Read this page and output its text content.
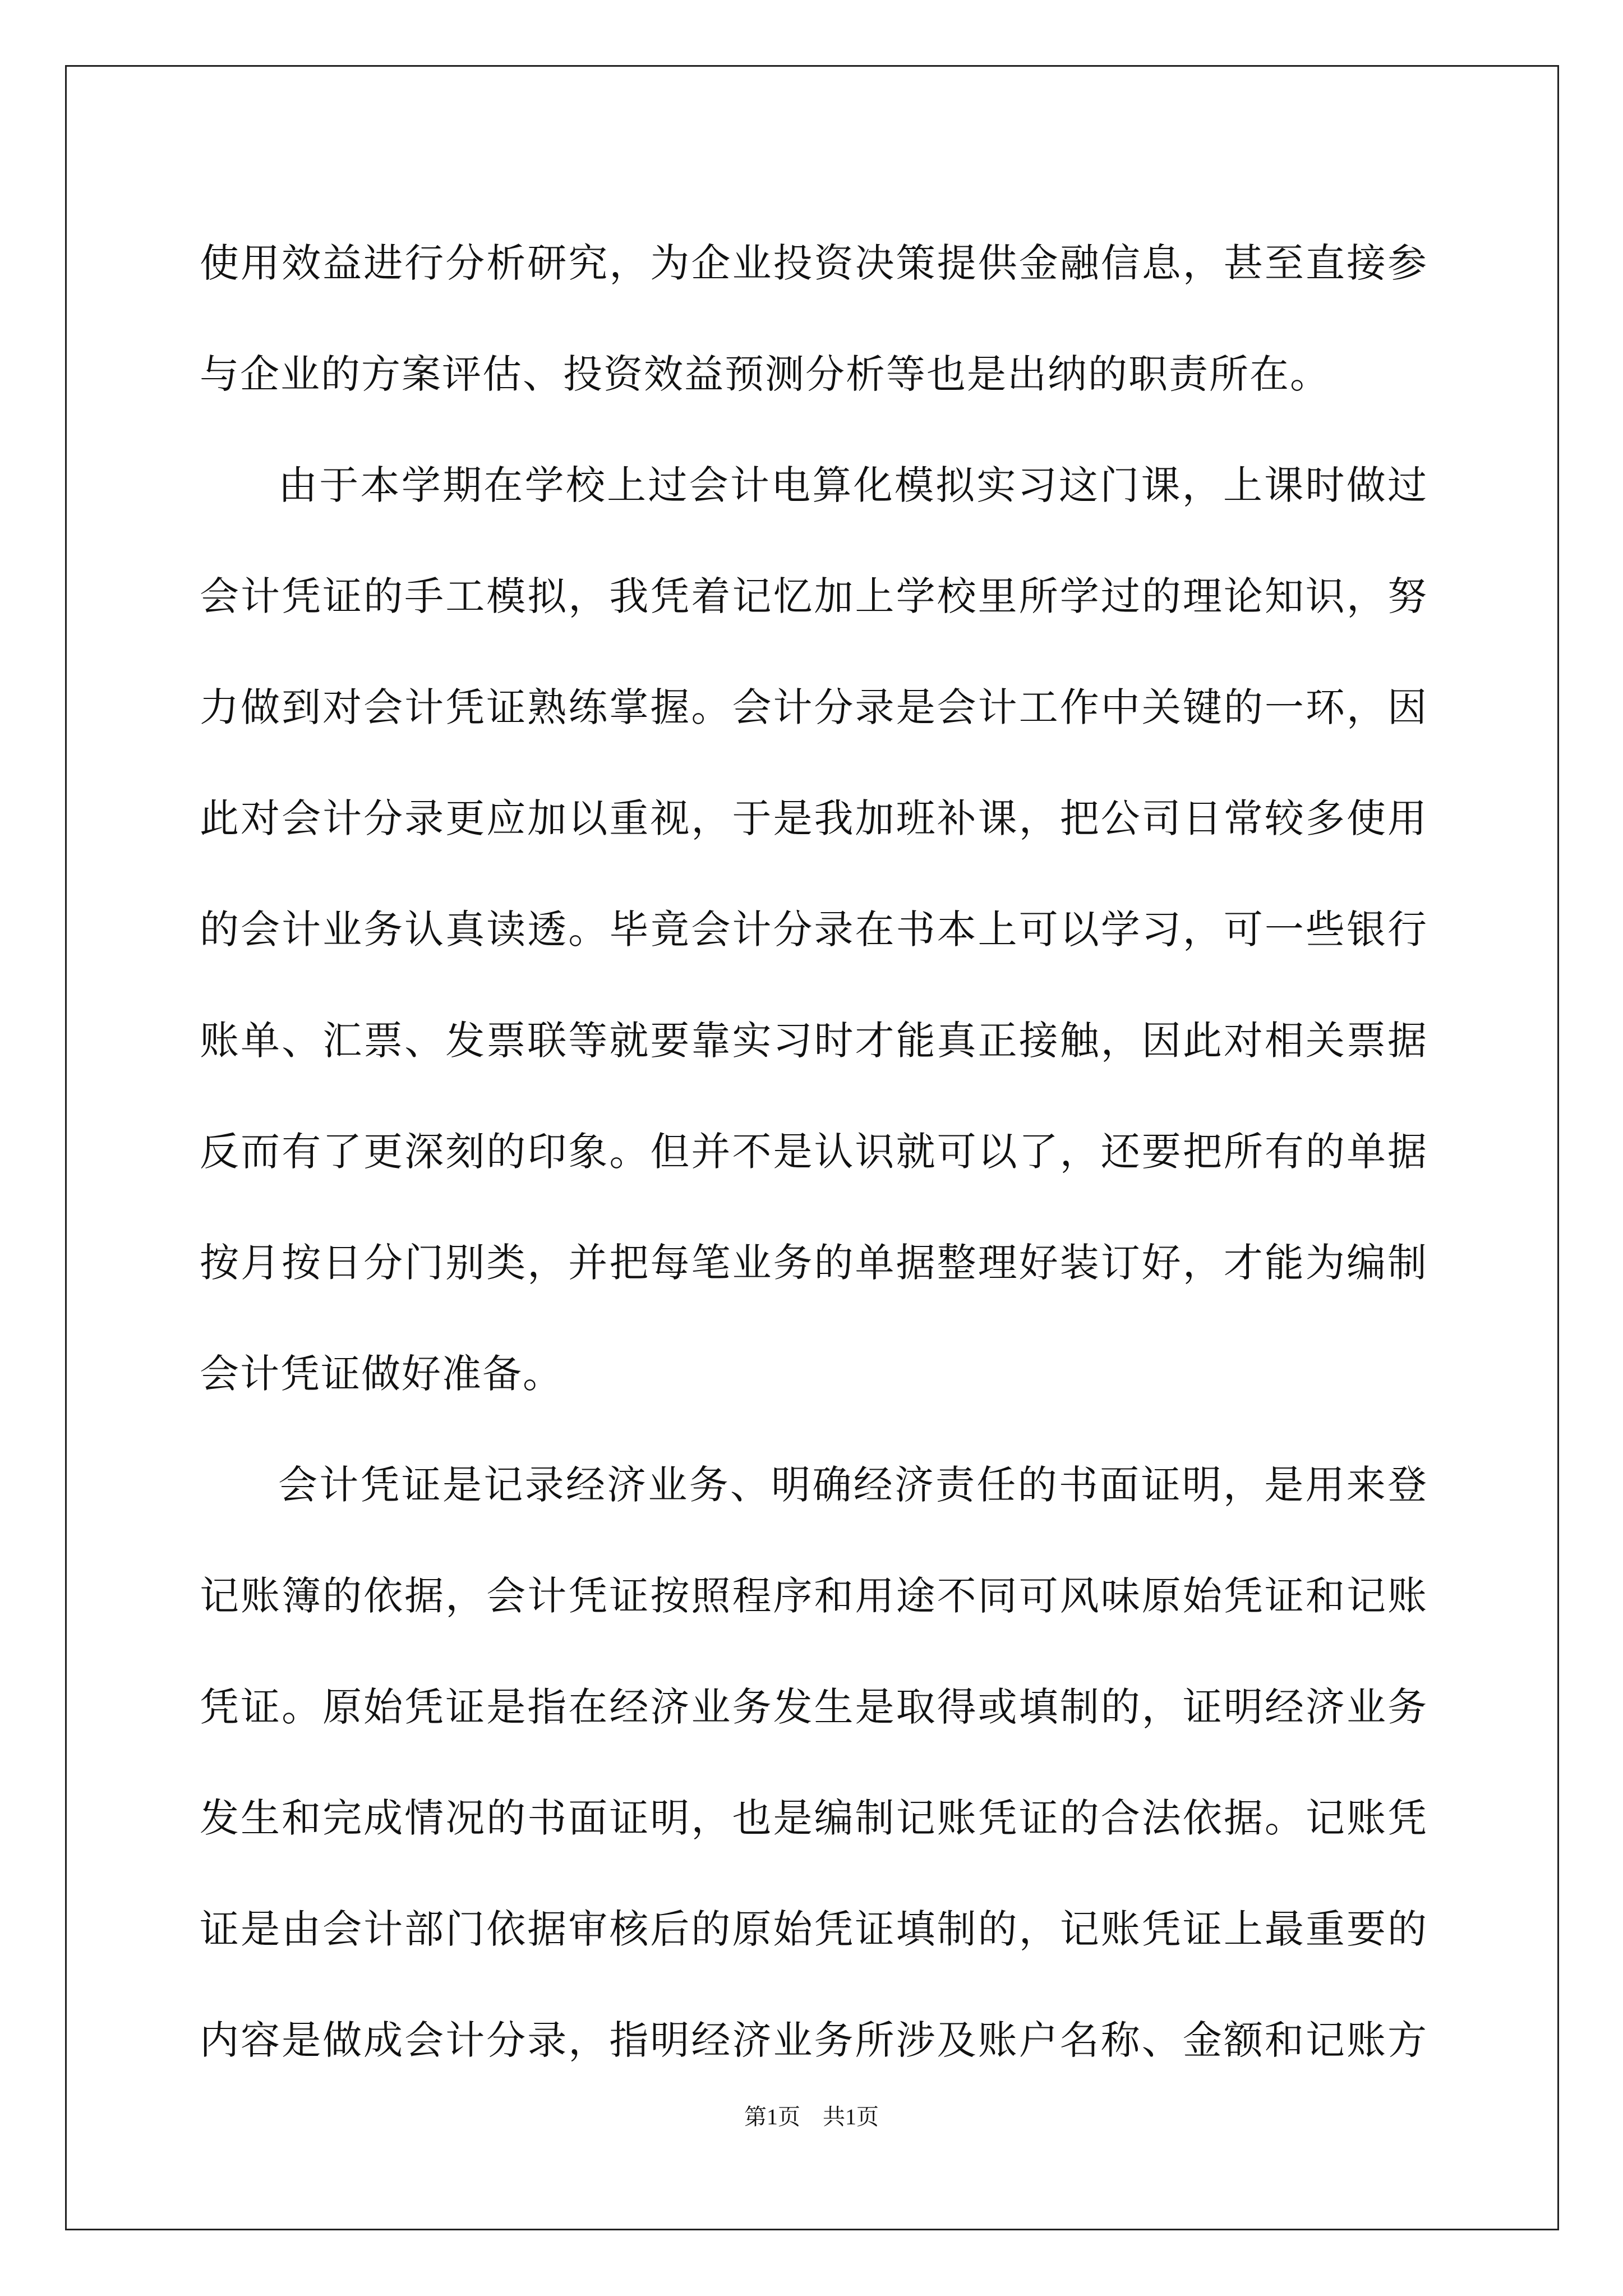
使用效益进行分析研究，为企业投资决策提供金融信息，甚至直接参
与企业的方案评估、投资效益预测分析等也是出纳的职责所在。
由于本学期在学校上过会计电算化模拟实习这门课，上课时做过
会计凭证的手工模拟，我凭着记忆加上学校里所学过的理论知识，努
力做到对会计凭证熟练掌握。会计分录是会计工作中关键的一环，因
此对会计分录更应加以重视，于是我加班补课，把公司日常较多使用
的会计业务认真读透。毕竟会计分录在书本上可以学习，可一些银行
账单、汇票、发票联等就要靠实习时才能真正接触，因此对相关票据
反而有了更深刻的印象。但并不是认识就可以了，还要把所有的单据
按月按日分门别类，并把每笔业务的单据整理好装订好，才能为编制
会计凭证做好准备。
会计凭证是记录经济业务、明确经济责任的书面证明，是用来登
记账簿的依据，会计凭证按照程序和用途不同可风味原始凭证和记账
凭证。原始凭证是指在经济业务发生是取得或填制的，证明经济业务
发生和完成情况的书面证明，也是编制记账凭证的合法依据。记账凭
证是由会计部门依据审核后的原始凭证填制的，记账凭证上最重要的
内容是做成会计分录，指明经济业务所涉及账户名称、金额和记账方
第1页 共1页
